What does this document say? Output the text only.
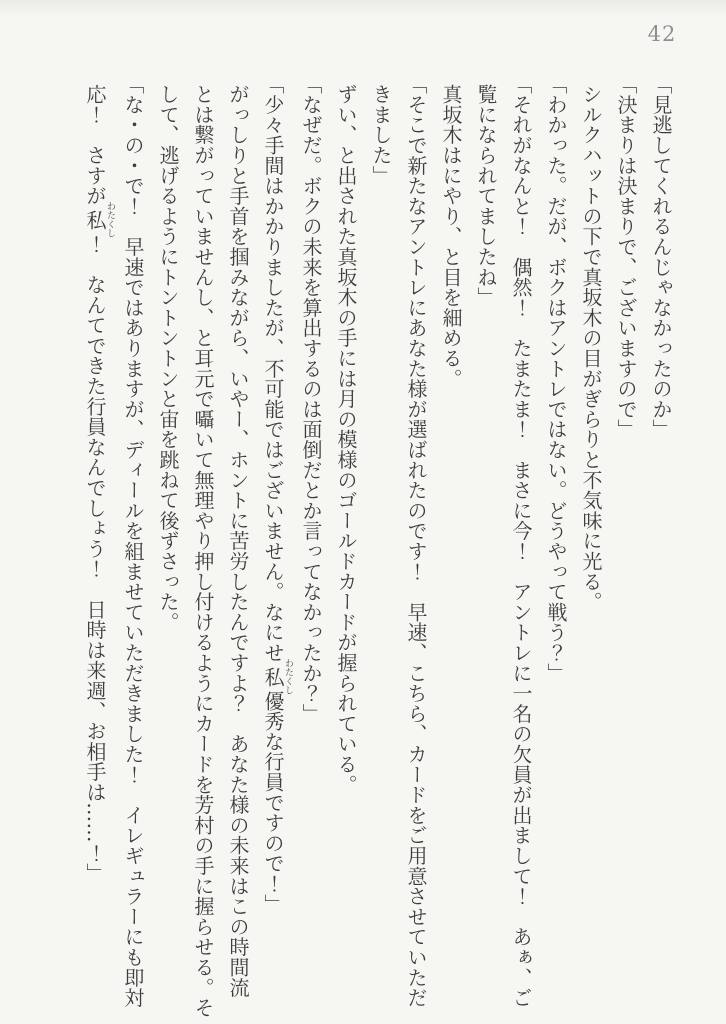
42
「見逃してくれるんじゃなかったのか」
「決まりは決まりで、ございますので」
シルクハットの下で真坂木の目がぎらりと不気味に光る。
「わかった。だが、ボクはアントレではない。どうやって戦う？」
「それがなんと！　偶然！　たまたま！　まさに今！　アントレに一名の欠員が出まして！　あぁ、ご
覧になられてましたね」
真坂木はにやり、と目を細める。
「そこで新たなアントレにあなた様が選ばれたのです！　早速、こちら、カードをご用意させていただ
きました」
ずい、と出された真坂木の手には月の模様のゴールドカードが握られている。
「なぜだ。ボクの未来を算出するのは面倒だとか言ってなかったか？」
「少々手間はかかりましたが、不可能ではございません。なにせ私わたくし優秀な行員ですので！」
がっしりと手首を掴みながら、いやー、ホントに苦労したんですよ？　あなた様の未来はこの時間流
とは繋がっていませんし、と耳元で囁いて無理やり押し付けるようにカードを芳村の手に握らせる。そ
して、逃げるようにトントントンと宙を跳ねて後ずさった。
「な・の・で！　早速ではありますが、ディールを組ませていただきました！　イレギュラーにも即対
応！　さすが私わたくし！　なんてできた行員なんでしょう！　日時は来週、お相手は……！」
